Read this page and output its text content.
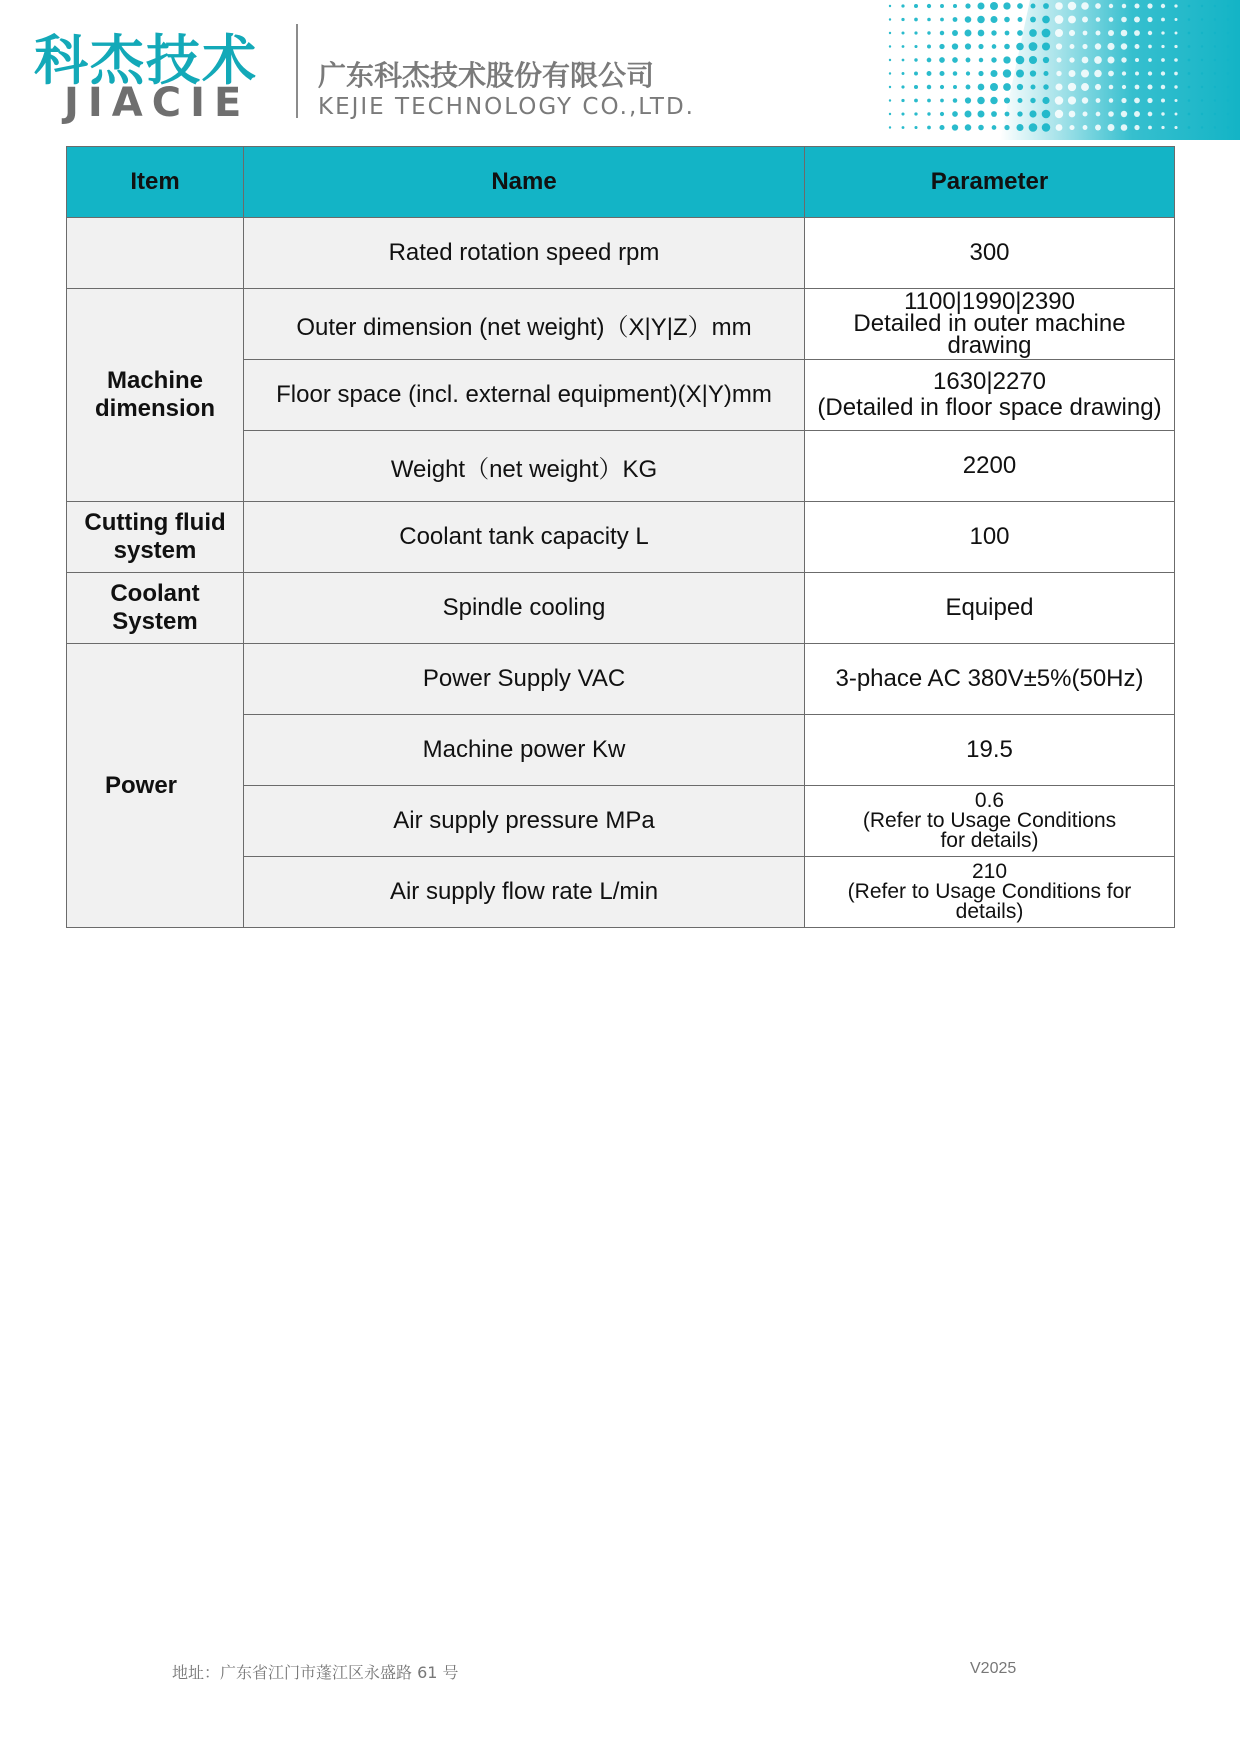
科杰技术
JIACIE
广东科杰技术股份有限公司
KEJIE TECHNOLOGY CO.,LTD.
Item	Name	Parameter
	Rated rotation speed rpm	300

Machine
dimension	Outer dimension (net weight)（X|Y|Z）mm	1100|1990|2390
Detailed in outer machine
drawing

	Floor space (incl. external equipment)(X|Y)mm	1630|2270
(Detailed in floor space drawing)

	Weight（net weight）KG	2200

Cutting fluid
system	Coolant tank capacity L	100

Coolant
System	Spindle cooling	Equiped

Power	Power Supply VAC	3-phace AC 380V±5%(50Hz)

	Machine power Kw	19.5

	Air supply pressure MPa	0.6
(Refer to Usage Conditions
for details)

	Air supply flow rate L/min	210
(Refer to Usage Conditions for
details)
地址：广东省江门市蓬江区永盛路 61 号	V2025
